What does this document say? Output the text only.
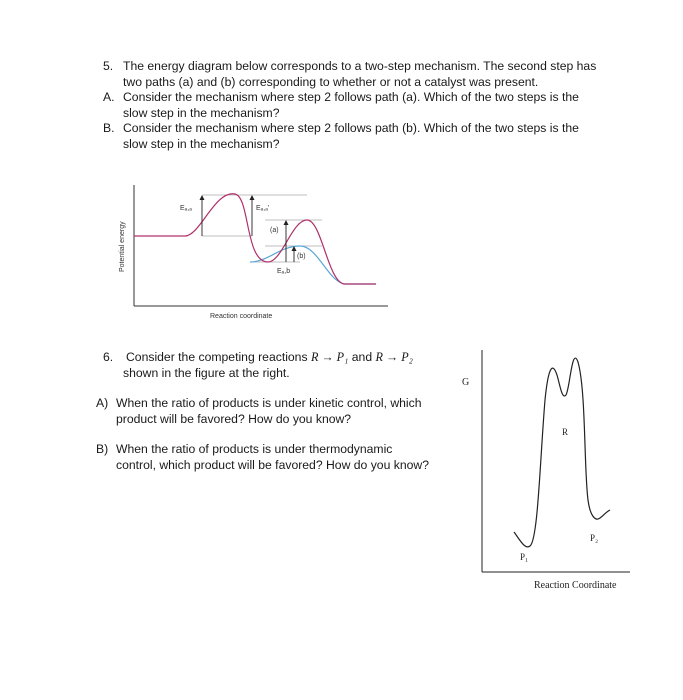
5. The energy diagram below corresponds to a two-step mechanism. The second step has
two paths (a) and (b) corresponding to whether or not a catalyst was present.
A. Consider the mechanism where step 2 follows path (a). Which of the two steps is the
slow step in the mechanism?
B. Consider the mechanism where step 2 follows path (b). Which of the two steps is the
slow step in the mechanism?
Potential energy
Reaction coordinate
Eₐ,ₐ	Eₐ,ₐ'
(a)
(b)
Eₐ,b
6. Consider the competing reactions R → P₁ and R → P₂
shown in the figure at the right.
A) When the ratio of products is under kinetic control, which
product will be favored? How do you know?
B) When the ratio of products is under thermodynamic
control, which product will be favored? How do you know?
G
R
P₁
P₂
Reaction Coordinate
